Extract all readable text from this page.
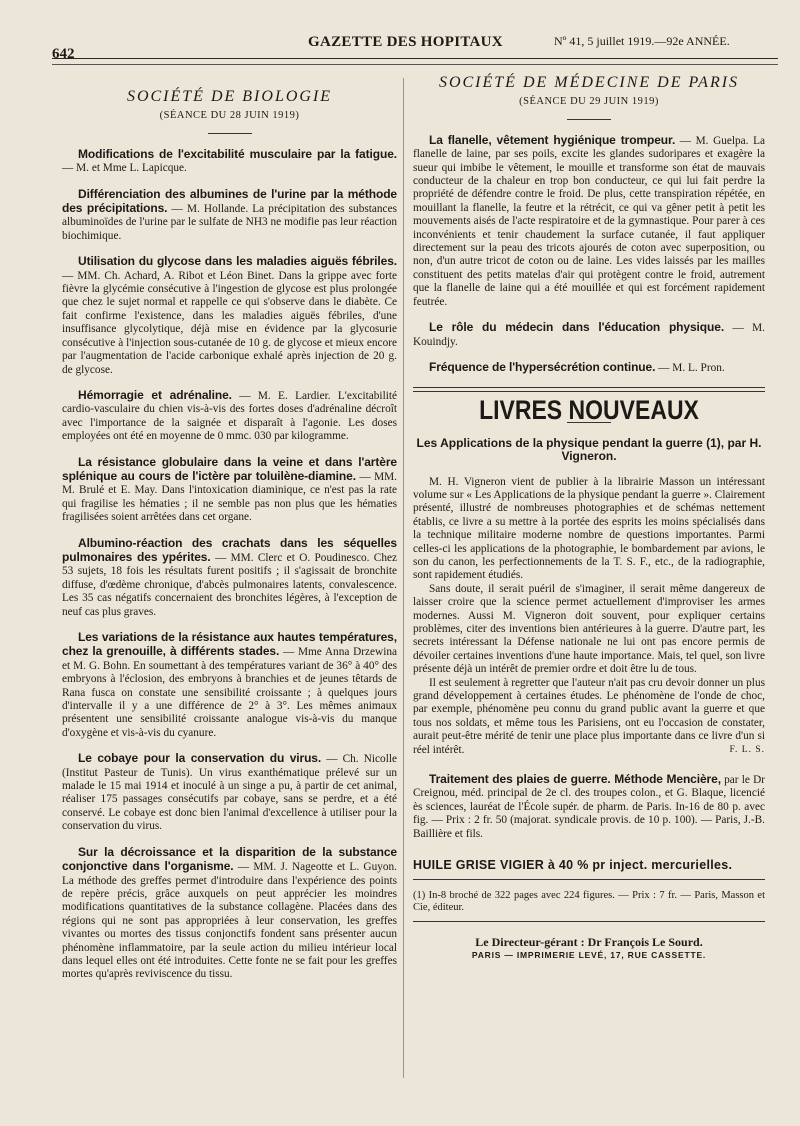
642
GAZETTE DES HOPITAUX	Nº 41, 5 juillet 1919.—92e ANNÉE.
SOCIÉTÉ DE BIOLOGIE
(SÉANCE DU 28 JUIN 1919)

Modifications de l'excitabilité musculaire par la fatigue. — M. et Mme L. Lapicque.

Différenciation des albumines de l'urine par la méthode des précipitations. — M. Hollande. La précipitation des substances albuminoïdes de l'urine par le sulfate de NH3 ne modifie pas leur réaction biochimique.

Utilisation du glycose dans les maladies aiguës fébriles. — MM. Ch. Achard, A. Ribot et Léon Binet. Dans la grippe avec forte fièvre la glycémie consécutive à l'ingestion de glycose est plus prolongée que chez le sujet normal et rappelle ce qui s'observe dans le diabète. Ce fait confirme l'existence, dans les maladies aiguës fébriles, d'une insuffisance glycolytique, déjà mise en évidence par la glycosurie consécutive à l'injection sous-cutanée de 10 g. de glycose et mieux encore par l'augmentation de l'acide carbonique exhalé après injection de 20 g. de glycose.

Hémorragie et adrénaline. — M. E. Lardier. L'excitabilité cardio-vasculaire du chien vis-à-vis des fortes doses d'adrénaline décroît avec l'importance de la saignée et disparaît à l'agonie. Les doses employées ont été en moyenne de 0 mmc. 030 par kilogramme.

La résistance globulaire dans la veine et dans l'artère splénique au cours de l'ictère par toluilène-diamine. — MM. M. Brulé et E. May. Dans l'intoxication diaminique, ce n'est pas la rate qui fragilise les hématies ; il ne semble pas non plus que les hématies fragilisées soient arrêtées dans cet organe.

Albumino-réaction des crachats dans les séquelles pulmonaires des ypérites. — MM. Clerc et O. Poudinesco. Chez 53 sujets, 18 fois les résultats furent positifs ; il s'agissait de bronchite diffuse, d'œdème chronique, d'abcès pulmonaires latents, convalescence. Les 35 cas négatifs concernaient des bronchites légères, à l'exception de neuf cas plus graves.

Les variations de la résistance aux hautes températures, chez la grenouille, à différents stades. — Mme Anna Drzewina et M. G. Bohn. En soumettant à des températures variant de 36° à 40° des embryons à l'éclosion, des embryons à branchies et de jeunes têtards de Rana fusca on constate une sensibilité croissante ; à quelques jours d'intervalle il y a une différence de 2° à 3°. Les mêmes animaux présentent une sensibilité croissante analogue vis-à-vis du manque d'oxygène et vis-à-vis du cyanure.

Le cobaye pour la conservation du virus. — Ch. Nicolle (Institut Pasteur de Tunis). Un virus exanthématique prélevé sur un malade le 15 mai 1914 et inoculé à un singe a pu, à partir de cet animal, réaliser 175 passages consécutifs par cobaye, sans se perdre, et a été conservé. Le cobaye est donc bien l'animal d'excellence à utiliser pour la conservation du virus.

Sur la décroissance et la disparition de la substance conjonctive dans l'organisme. — MM. J. Nageotte et L. Guyon. La méthode des greffes permet d'introduire dans l'expérience des points de repère précis, grâce auxquels on peut apprécier les moindres modifications quantitatives de la substance collagène. Placées dans des régions qui ne sont pas appropriées à leur conservation, les greffes vivantes ou mortes des tissus conjonctifs fondent sans présenter aucun phénomène inflammatoire, par la seule action du milieu intérieur local dans lequel elles ont été introduites. Cette fonte ne se fait pour les greffes mortes qu'après reviviscence du tissu.

SOCIÉTÉ DE MÉDECINE DE PARIS
(SÉANCE DU 29 JUIN 1919)

La flanelle, vêtement hygiénique trompeur. — M. Guelpa. La flanelle de laine, par ses poils, excite les glandes sudoripares et exagère la sueur qui imbibe le vêtement, le mouille et transforme son état de mauvais conducteur de la chaleur en trop bon conducteur, ce qui lui fait perdre la propriété de défendre contre le froid. De plus, cette transpiration répétée, en mouillant la flanelle, la feutre et la rétrécit, ce qui va gêner petit à petit les mouvements aisés de l'acte respiratoire et de la gymnastique. Pour parer à ces inconvénients et tenir chaudement la surface cutanée, il faut appliquer directement sur la peau des tricots ajourés de coton avec superposition, ou non, d'un autre tricot de coton ou de laine. Les vides laissés par les mailles constituent des petits matelas d'air qui protègent contre le froid, autrement que la flanelle de laine qui a été mouillée et qui est forcément rapidement feutrée.

Le rôle du médecin dans l'éducation physique. — M. Kouindjy.

Fréquence de l'hypersécrétion continue. — M. L. Pron.

LIVRES NOUVEAUX
Les Applications de la physique pendant la guerre (1), par H. Vigneron.

M. H. Vigneron vient de publier à la librairie Masson un intéressant volume sur « Les Applications de la physique pendant la guerre ». Clairement présenté, illustré de nombreuses photographies et de schémas nettement établis, ce livre a su mettre à la portée des esprits les moins spécialisés dans la technique militaire moderne nombre de questions importantes. Parmi celles-ci les applications de la photographie, le bombardement par avions, le son du canon, les perfectionnements de la T. S. F., etc., de la radiographie, sont rapidement étudiés.

Sans doute, il serait puéril de s'imaginer, il serait même dangereux de laisser croire que la science permet actuellement d'improviser les armes modernes. Aussi M. Vigneron doit souvent, pour expliquer certains problèmes, citer des inventions bien antérieures à la guerre. D'autre part, les secrets intéressant la Défense nationale ne lui ont pas encore permis de dévoiler certaines inventions d'une haute importance. Mais, tel quel, son livre présente déjà un intérêt de premier ordre et doit être lu de tous.

Il est seulement à regretter que l'auteur n'ait pas cru devoir donner un plus grand développement à certaines études. Le phénomène de l'onde de choc, par exemple, phénomène peu connu du grand public avant la guerre et que tous nos soldats, et même tous les Parisiens, ont eu l'occasion de constater, aurait peut-être mérité de tenir une place plus importante dans ce livre d'un si réel intérêt.	F. L. S.

Traitement des plaies de guerre. Méthode Mencière, par le Dr Creignou, méd. principal de 2e cl. des troupes colon., et G. Blaque, licencié ès sciences, lauréat de l'École supér. de pharm. de Paris. In-16 de 80 p. avec fig. — Prix : 2 fr. 50 (majorat. syndicale provis. de 10 p. 100). — Paris, J.-B. Baillière et fils.

HUILE GRISE VIGIER à 40 % pr inject. mercurielles.
(1) In-8 broché de 322 pages avec 224 figures. — Prix : 7 fr. — Paris, Masson et Cie, éditeur.
Le Directeur-gérant : Dr François Le Sourd.
PARIS — IMPRIMERIE LEVÉ, 17, RUE CASSETTE.
